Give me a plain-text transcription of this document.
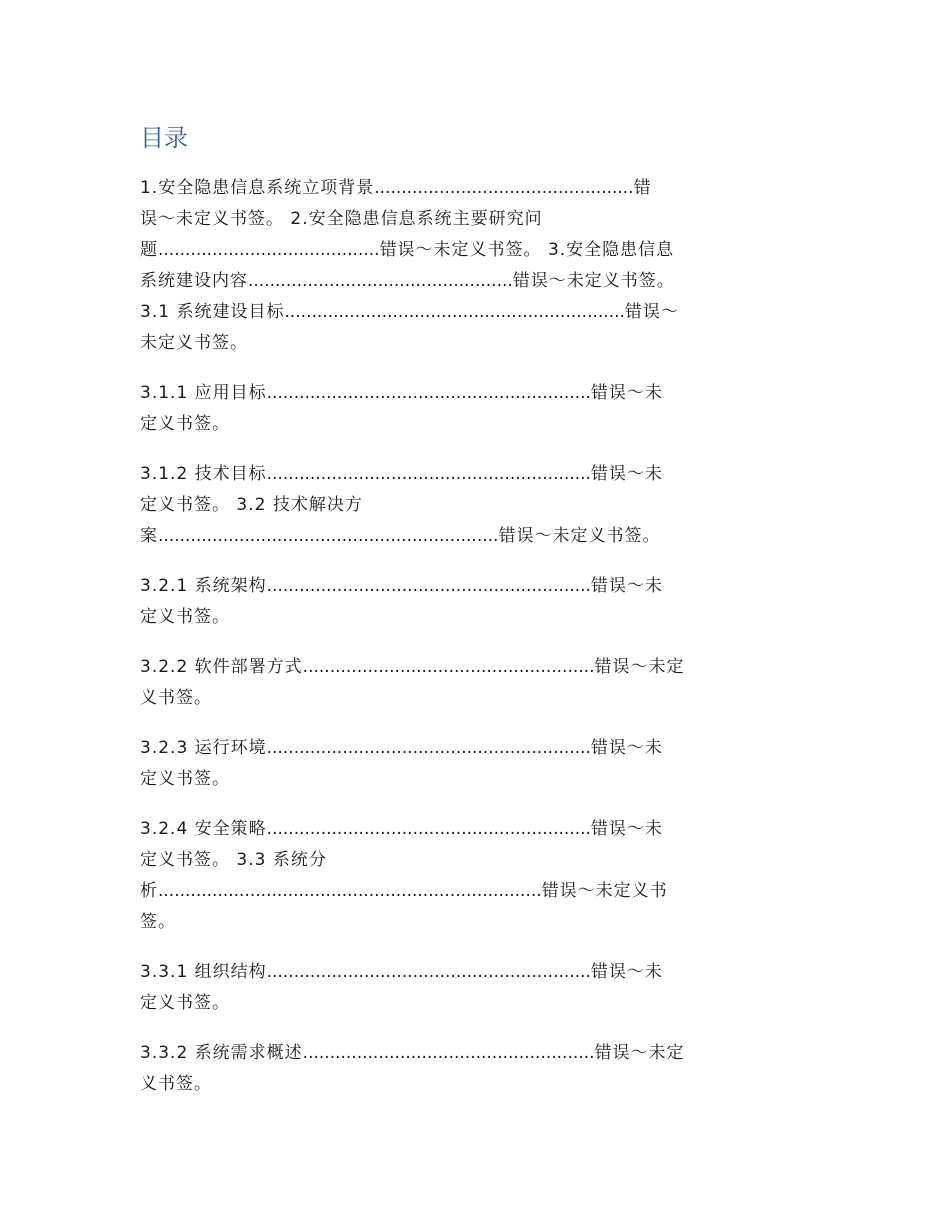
目录

1.安全隐患信息系统立项背景................................................错
误～未定义书签。 2.安全隐患信息系统主要研究问
题.........................................错误～未定义书签。 3.安全隐患信息
系统建设内容.................................................错误～未定义书签。
3.1 系统建设目标...............................................................错误～
未定义书签。

3.1.1 应用目标............................................................错误～未
定义书签。

3.1.2 技术目标............................................................错误～未
定义书签。 3.2 技术解决方
案...............................................................错误～未定义书签。

3.2.1 系统架构............................................................错误～未
定义书签。

3.2.2 软件部署方式......................................................错误～未定
义书签。

3.2.3 运行环境............................................................错误～未
定义书签。

3.2.4 安全策略............................................................错误～未
定义书签。 3.3 系统分
析.......................................................................错误～未定义书
签。

3.3.1 组织结构............................................................错误～未
定义书签。

3.3.2 系统需求概述......................................................错误～未定
义书签。
